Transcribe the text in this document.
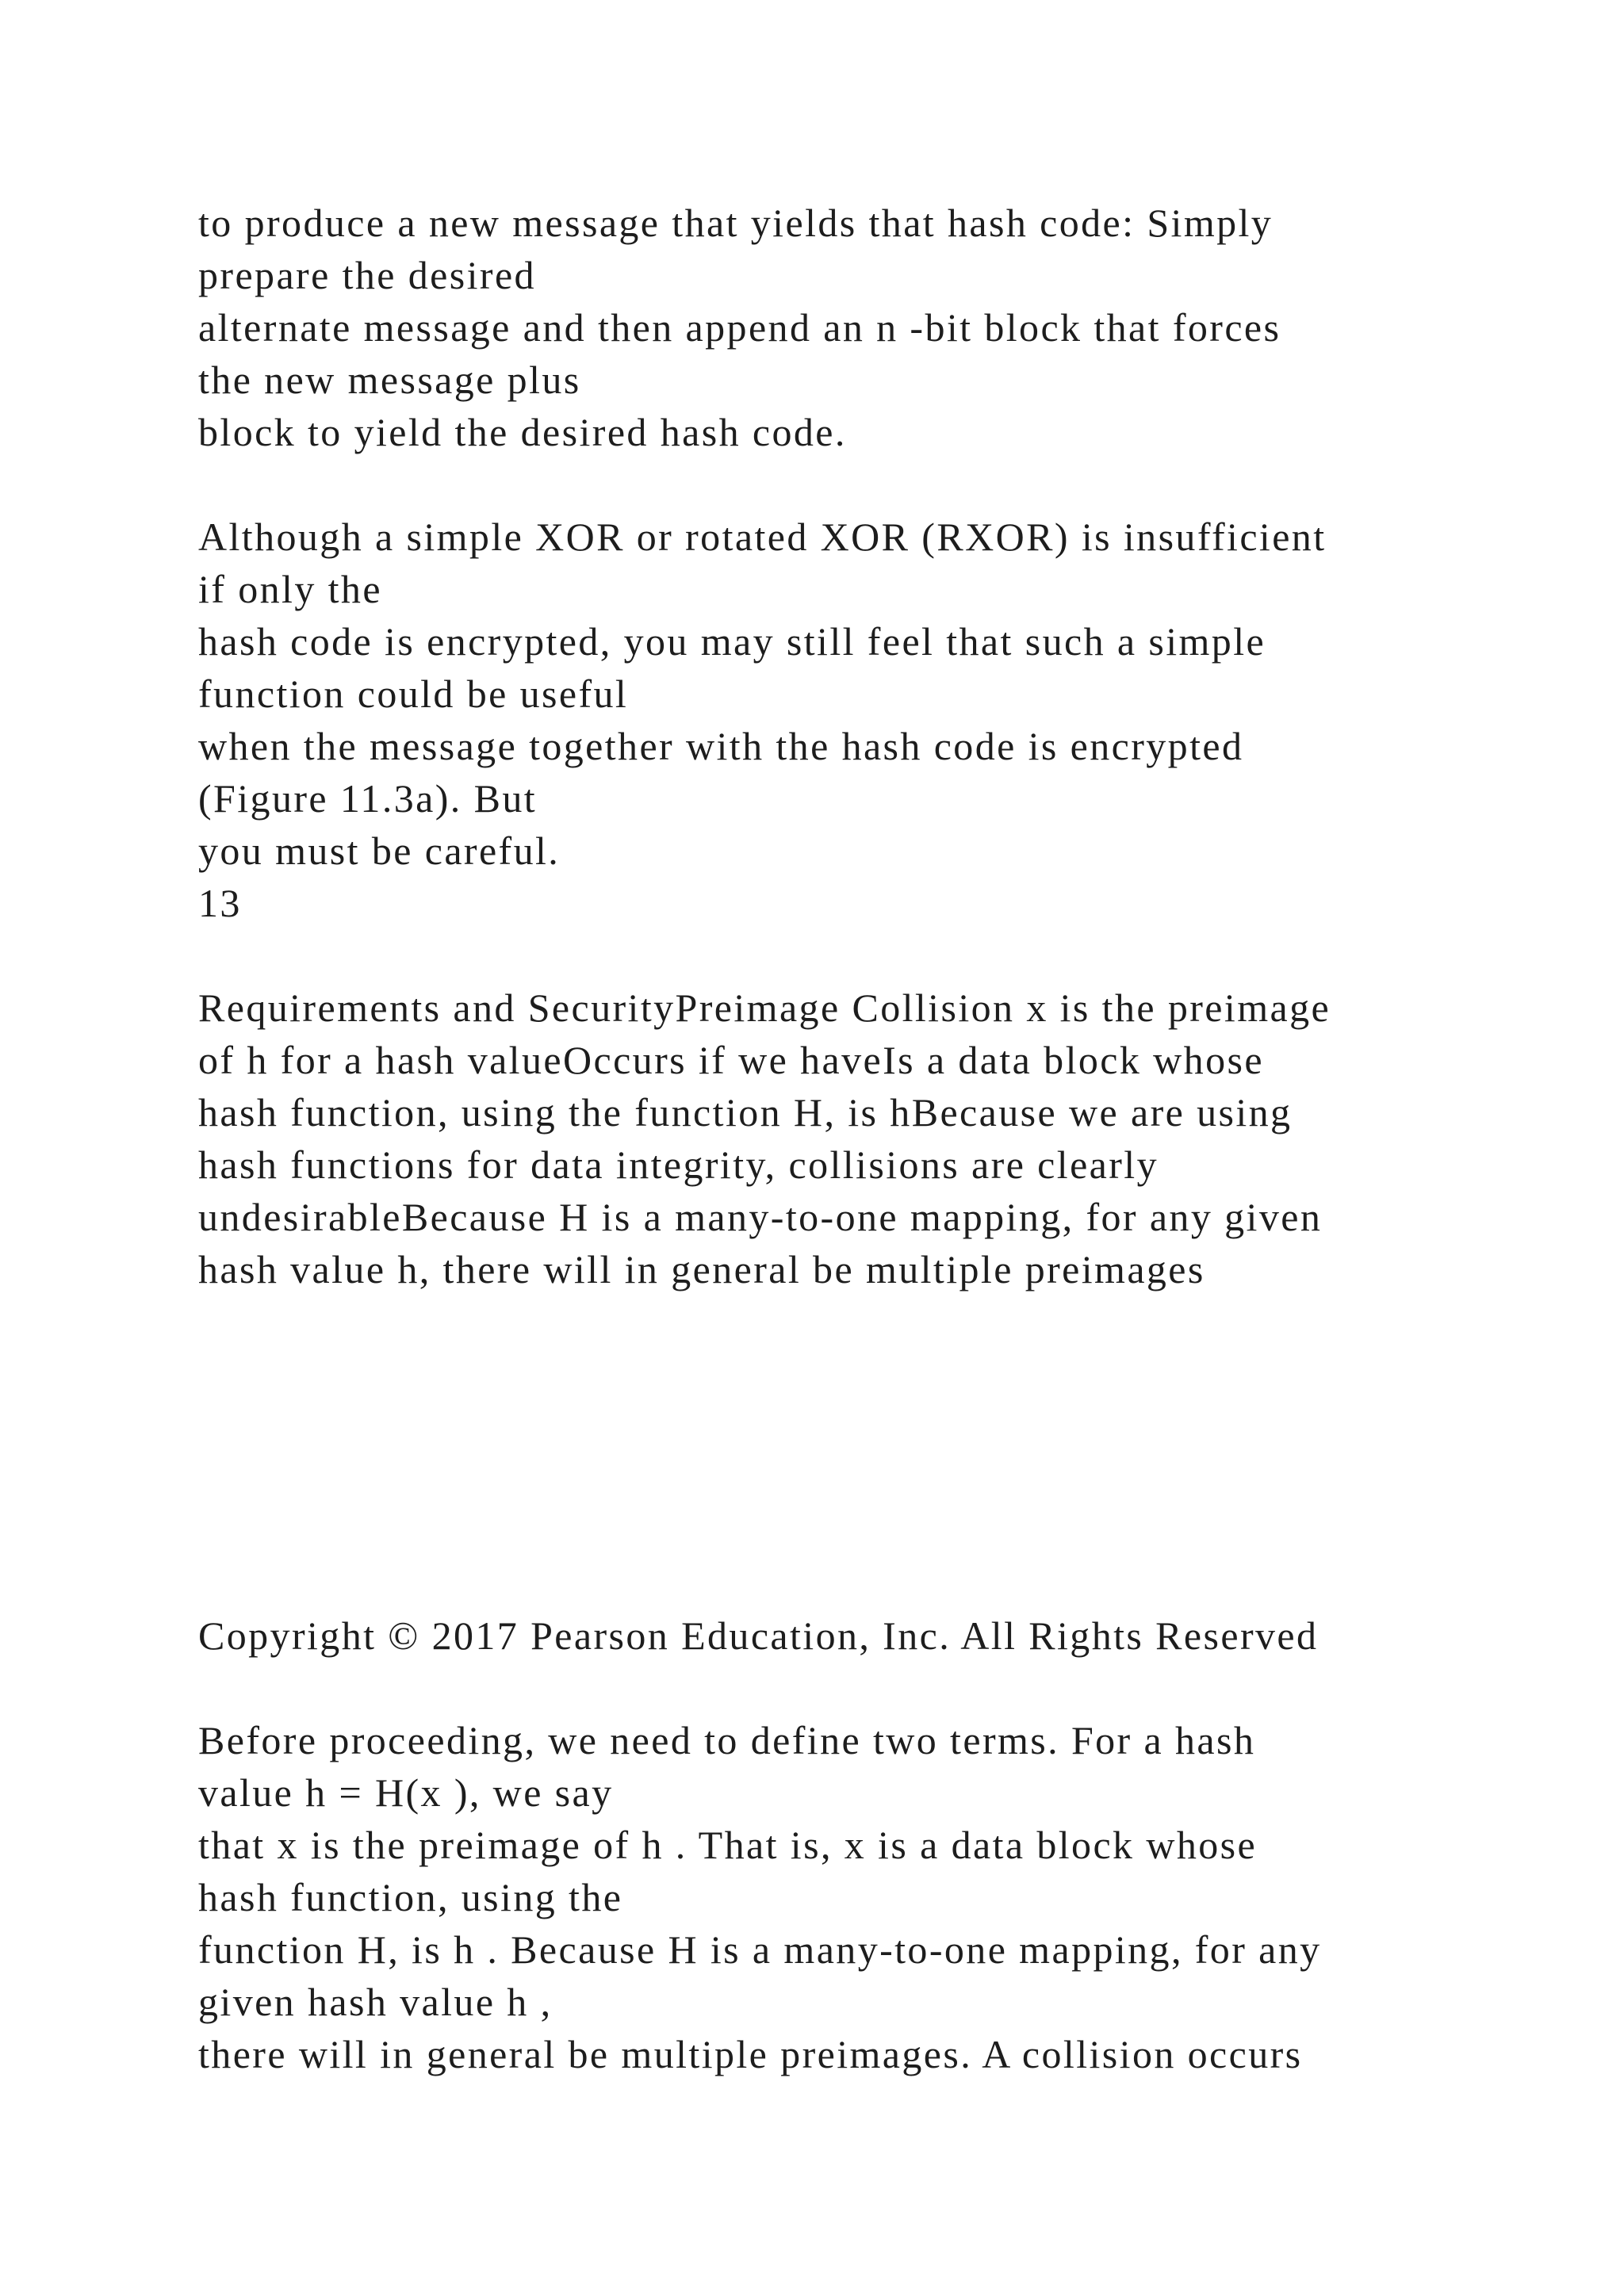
to produce a new message that yields that hash code: Simply

prepare the desired

alternate message and then append an n -bit block that forces

the new message plus

block to yield the desired hash code.

Although a simple XOR or rotated XOR (RXOR) is insufficient

if only the

hash code is encrypted, you may still feel that such a simple

function could be useful

when the message together with the hash code is encrypted

(Figure 11.3a). But

you must be careful.

13

Requirements and SecurityPreimage Collision x is the preimage

of h for a hash valueOccurs if we haveIs a data block whose

hash function, using the function H, is hBecause we are using

hash functions for data integrity, collisions are clearly

undesirableBecause H is a many-to-one mapping, for any given

hash value h, there will in general be multiple preimages

Copyright © 2017 Pearson Education, Inc. All Rights Reserved

Before proceeding, we need to define two terms. For a hash

value h = H(x ), we say

that x is the preimage of h . That is, x is a data block whose

hash function, using the

function H, is h . Because H is a many-to-one mapping, for any

given hash value h ,

there will in general be multiple preimages. A collision occurs
